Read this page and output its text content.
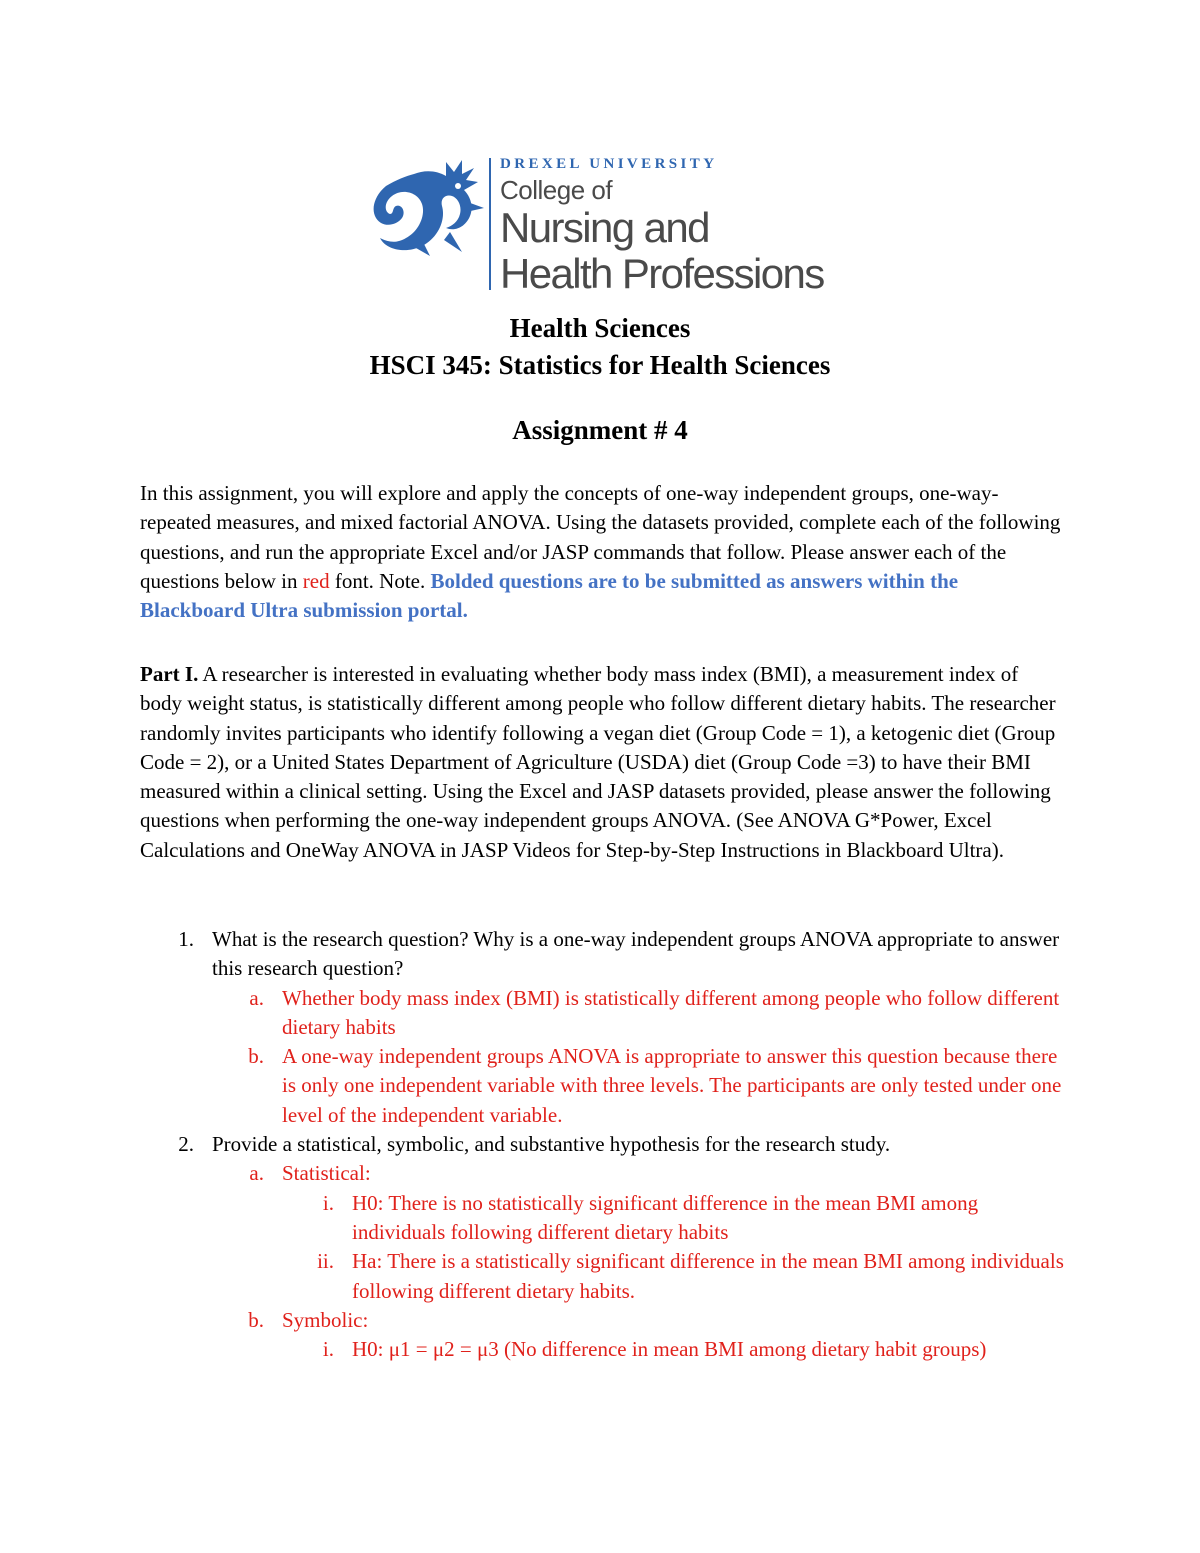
DREXEL UNIVERSITY
College of
Nursing and
Health Professions
Health Sciences
HSCI 345: Statistics for Health Sciences
Assignment # 4
In this assignment, you will explore and apply the concepts of one-way independent groups, one-way-repeated measures, and mixed factorial ANOVA. Using the datasets provided, complete each of the following questions, and run the appropriate Excel and/or JASP commands that follow. Please answer each of the questions below in red font. Note. Bolded questions are to be submitted as answers within the Blackboard Ultra submission portal.
Part I. A researcher is interested in evaluating whether body mass index (BMI), a measurement index of body weight status, is statistically different among people who follow different dietary habits. The researcher randomly invites participants who identify following a vegan diet (Group Code = 1), a ketogenic diet (Group Code = 2), or a United States Department of Agriculture (USDA) diet (Group Code =3) to have their BMI measured within a clinical setting. Using the Excel and JASP datasets provided, please answer the following questions when performing the one-way independent groups ANOVA. (See ANOVA G*Power, Excel Calculations and OneWay ANOVA in JASP Videos for Step-by-Step Instructions in Blackboard Ultra).
1. What is the research question? Why is a one-way independent groups ANOVA appropriate to answer this research question?
a. Whether body mass index (BMI) is statistically different among people who follow different dietary habits
b. A one-way independent groups ANOVA is appropriate to answer this question because there is only one independent variable with three levels. The participants are only tested under one level of the independent variable.
2. Provide a statistical, symbolic, and substantive hypothesis for the research study.
a. Statistical:
i. H0: There is no statistically significant difference in the mean BMI among individuals following different dietary habits
ii. Ha: There is a statistically significant difference in the mean BMI among individuals following different dietary habits.
b. Symbolic:
i. H0: μ1 = μ2 = μ3 (No difference in mean BMI among dietary habit groups)
